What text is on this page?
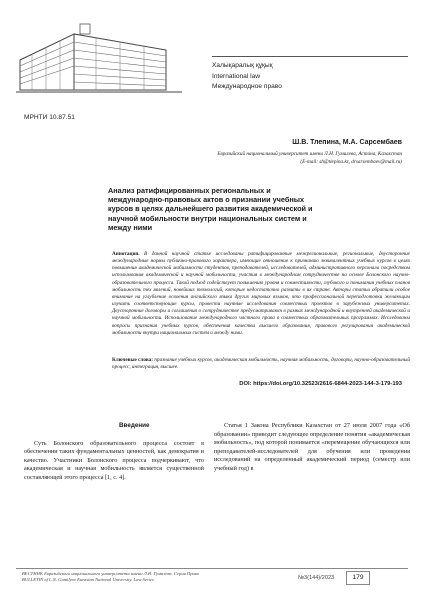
Халықаралық құқық
International law
Международное право
МРНТИ 10.87.51
Ш.В. Тлепина, М.А. Сарсембаев
Евразийский национальный университет имени Л.Н. Гумилева, Астана, Казахстан
(E-mail: sh@tlepina.kz, drsarsembaev@mail.ru)
Анализ ратифицированных региональных и
международно-правовых актов о признании учебных
курсов в целях дальнейшего развития академической и
научной мобильности внутри национальных систем и
между ними
Аннотация. В данной научной статье исследованы ратифицированные межрегиональные, региональные, двусторонние международные нормы публично-правового характера, имеющие отношение к признанию эквивалентных учебных курсов в целях повышения академической мобильности студентов, преподавателей, исследователей, административного персонала посредством использования академической и научной мобильности, участия в международном сотрудничестве на основе Болонского научно-образовательного процесса. Такой подход содействует повышению уровня и совместимости, глубокого и понимания учебных планов мобильность тех явлений, новейших технологий, которые недостаточно развиты в их стране. Авторы статьи обратили особое внимание на углубление освоения английского языка других мировых языков, что профессиональной переподготовки желающим изучить соответствующие курсы, провести научные исследования совместных проектов в зарубежных университетах. Двусторонние договоры и соглашения о сотрудничестве предусматривают в рамках международной и внутренней академической и научной мобильности. Использование международного частного права в совместных образовательных программах. Исследованы вопросы признания учебных курсов, обеспечения качества высшего образования, правового регулирования академической мобильности внутри национальных систем и между ними.
Ключевые слова: признание учебных курсов, академическая мобильность, научная мобильность, договоры, научно-образовательный процесс, интеграция, высшее.
DOI: https://doi.org/10.32523/2616-6844-2023-144-3-179-193
Введение
Суть Болонского образовательного процесса состоит в обеспечении таких фундаментальных ценностей, как демократия и качество. Участники Болонского процесса подчеркивают, что академическая и научная мобильность является существенной составляющей этого процесса [1, с. 4].
Статья 1 Закона Республики Казахстан от 27 июля 2007 года «Об образовании» приводит следующее определение понятия «академическая мобильность», под которой понимается «перемещение обучающихся или преподавателей-исследователей для обучения или проведения исследований на определенный академический период (семестр или учебный год) в
ВЕСТНИК Евразийского национального университета имени Л.Н. Гумилева. Серия Право
BULLETIN of L.N. Gumilyov Eurasian National University. Law Series	№3(144)/2023	179
